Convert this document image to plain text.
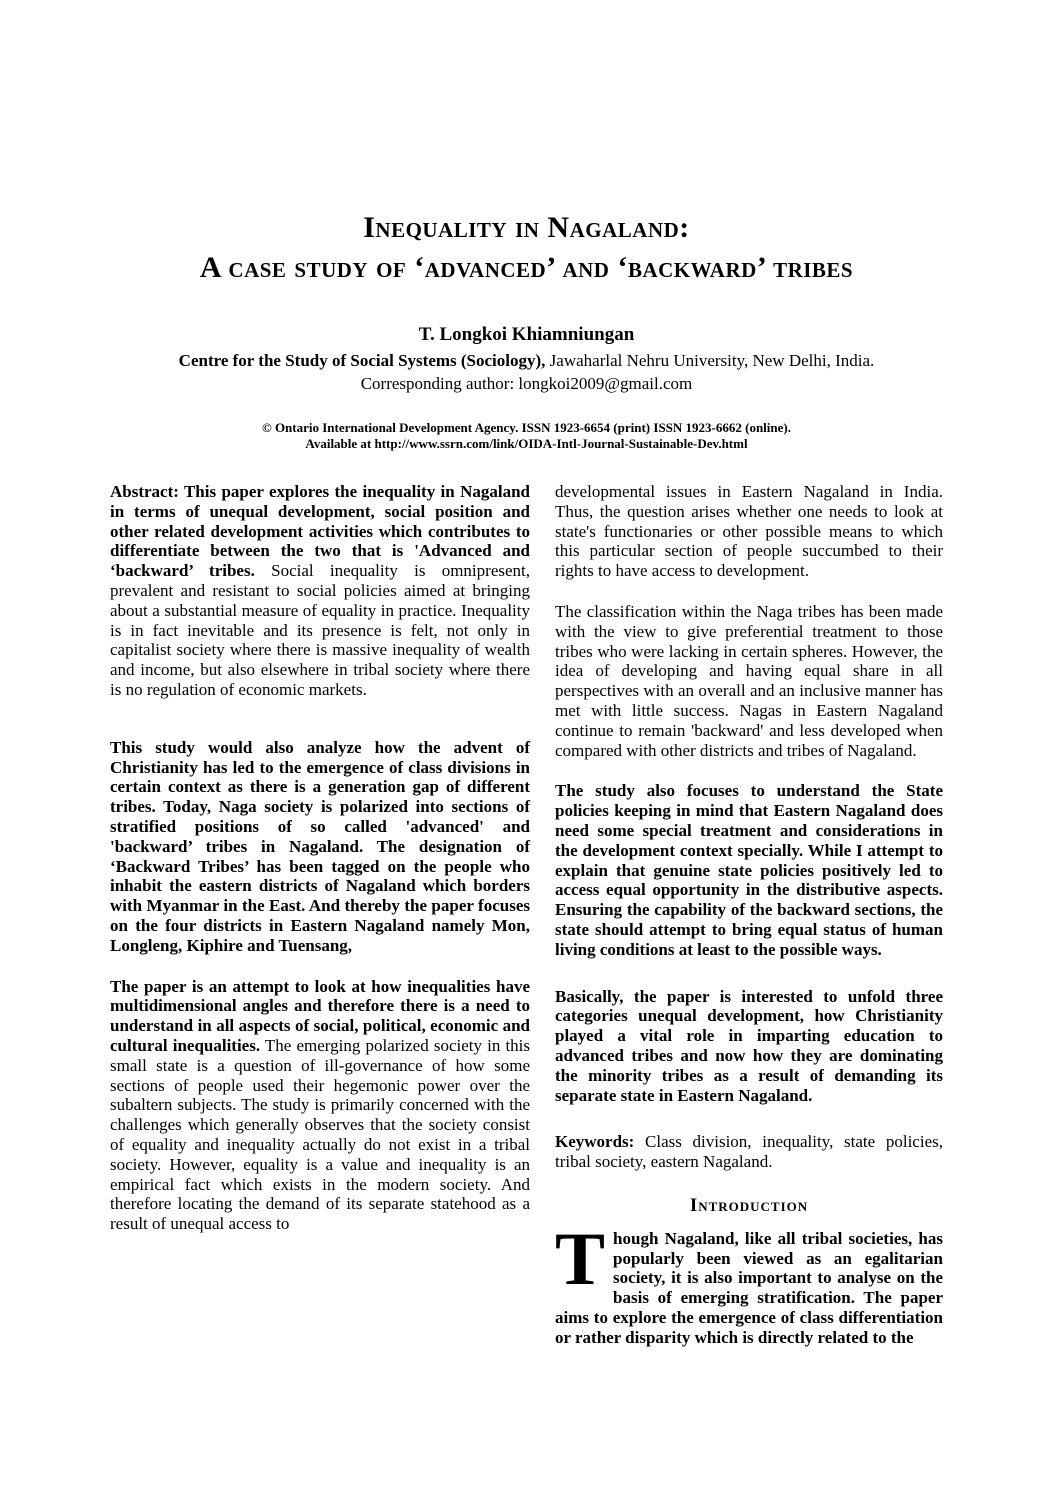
Inequality in Nagaland:
A case study of ‘advanced’ and ‘backward’ tribes
T. Longkoi Khiamniungan
Centre for the Study of Social Systems (Sociology), Jawaharlal Nehru University, New Delhi, India.
Corresponding author: longkoi2009@gmail.com
© Ontario International Development Agency. ISSN 1923-6654 (print) ISSN 1923-6662 (online).
Available at http://www.ssrn.com/link/OIDA-Intl-Journal-Sustainable-Dev.html

Abstract: This paper explores the inequality in Nagaland in terms of unequal development, social position and other related development activities which contributes to differentiate between the two that is 'Advanced and ‘backward’ tribes. Social inequality is omnipresent, prevalent and resistant to social policies aimed at bringing about a substantial measure of equality in practice. Inequality is in fact inevitable and its presence is felt, not only in capitalist society where there is massive inequality of wealth and income, but also elsewhere in tribal society where there is no regulation of economic markets.

This study would also analyze how the advent of Christianity has led to the emergence of class divisions in certain context as there is a generation gap of different tribes. Today, Naga society is polarized into sections of stratified positions of so called 'advanced' and 'backward’ tribes in Nagaland. The designation of ‘Backward Tribes’ has been tagged on the people who inhabit the eastern districts of Nagaland which borders with Myanmar in the East. And thereby the paper focuses on the four districts in Eastern Nagaland namely Mon, Longleng, Kiphire and Tuensang,

The paper is an attempt to look at how inequalities have multidimensional angles and therefore there is a need to understand in all aspects of social, political, economic and cultural inequalities. The emerging polarized society in this small state is a question of ill-governance of how some sections of people used their hegemonic power over the subaltern subjects. The study is primarily concerned with the challenges which generally observes that the society consist of equality and inequality actually do not exist in a tribal society. However, equality is a value and inequality is an empirical fact which exists in the modern society. And therefore locating the demand of its separate statehood as a result of unequal access to

developmental issues in Eastern Nagaland in India. Thus, the question arises whether one needs to look at state's functionaries or other possible means to which this particular section of people succumbed to their rights to have access to development.

The classification within the Naga tribes has been made with the view to give preferential treatment to those tribes who were lacking in certain spheres. However, the idea of developing and having equal share in all perspectives with an overall and an inclusive manner has met with little success. Nagas in Eastern Nagaland continue to remain 'backward' and less developed when compared with other districts and tribes of Nagaland.

The study also focuses to understand the State policies keeping in mind that Eastern Nagaland does need some special treatment and considerations in the development context specially. While I attempt to explain that genuine state policies positively led to access equal opportunity in the distributive aspects. Ensuring the capability of the backward sections, the state should attempt to bring equal status of human living conditions at least to the possible ways.

Basically, the paper is interested to unfold three categories unequal development, how Christianity played a vital role in imparting education to advanced tribes and now how they are dominating the minority tribes as a result of demanding its separate state in Eastern Nagaland.

Keywords: Class division, inequality, state policies, tribal society, eastern Nagaland.

Introduction

Though Nagaland, like all tribal societies, has popularly been viewed as an egalitarian society, it is also important to analyse on the basis of emerging stratification. The paper aims to explore the emergence of class differentiation or rather disparity which is directly related to the
